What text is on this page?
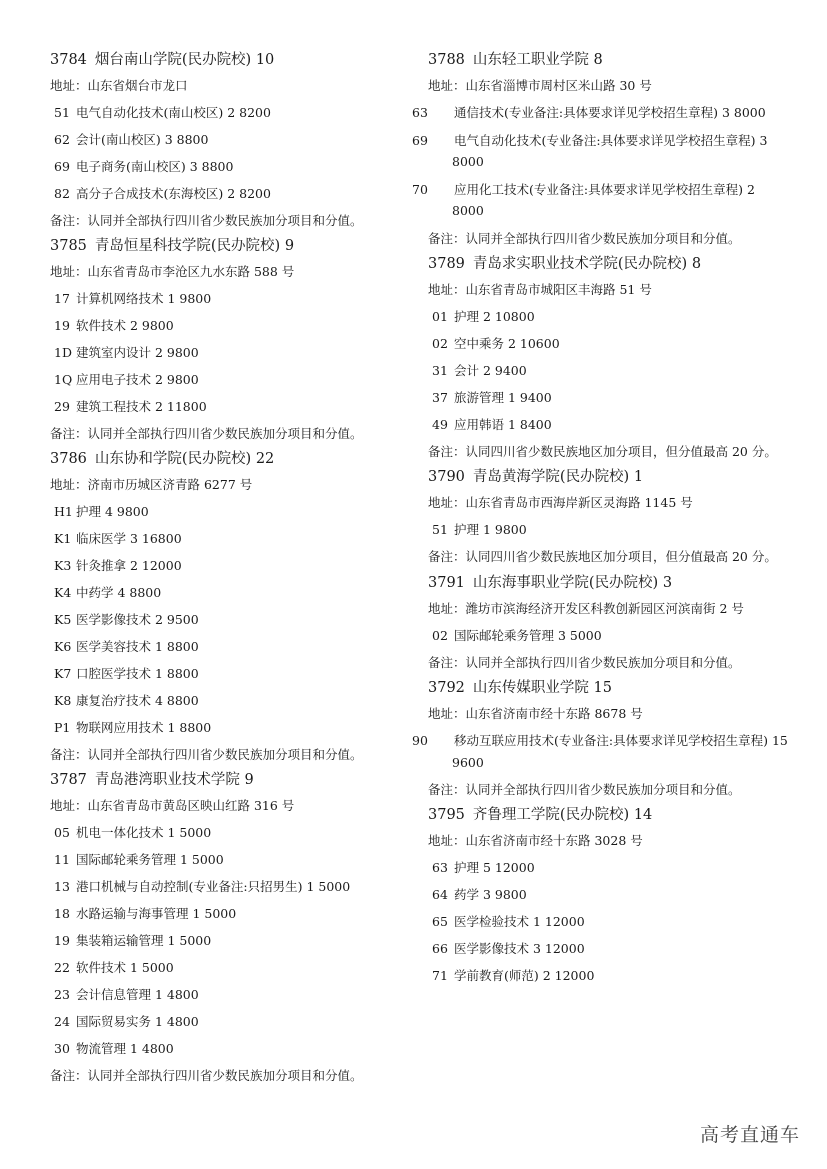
3784 烟台南山学院(民办院校) 10
地址：山东省烟台市龙口
51 电气自动化技术(南山校区) 2 8200
62 会计(南山校区) 3 8800
69 电子商务(南山校区) 3 8800
82 高分子合成技术(东海校区) 2 8200
备注：认同并全部执行四川省少数民族加分项目和分值。
3785 青岛恒星科技学院(民办院校) 9
地址：山东省青岛市李沧区九水东路 588 号
17 计算机网络技术 1 9800
19 软件技术 2 9800
1D 建筑室内设计 2 9800
1Q 应用电子技术 2 9800
29 建筑工程技术 2 11800
备注：认同并全部执行四川省少数民族加分项目和分值。
3786 山东协和学院(民办院校) 22
地址：济南市历城区济青路 6277 号
H1 护理 4 9800
K1 临床医学 3 16800
K3 针灸推拿 2 12000
K4 中药学 4 8800
K5 医学影像技术 2 9500
K6 医学美容技术 1 8800
K7 口腔医学技术 1 8800
K8 康复治疗技术 4 8800
P1 物联网应用技术 1 8800
备注：认同并全部执行四川省少数民族加分项目和分值。
3787 青岛港湾职业技术学院 9
地址：山东省青岛市黄岛区映山红路 316 号
05 机电一体化技术 1 5000
11 国际邮轮乘务管理 1 5000
13 港口机械与自动控制(专业备注:只招男生) 1 5000
18 水路运输与海事管理 1 5000
19 集装箱运输管理 1 5000
22 软件技术 1 5000
23 会计信息管理 1 4800
24 国际贸易实务 1 4800
30 物流管理 1 4800
备注：认同并全部执行四川省少数民族加分项目和分值。
3788 山东轻工职业学院 8
地址：山东省淄博市周村区米山路 30 号
63 通信技术(专业备注:具体要求详见学校招生章程) 3 8000
69 电气自动化技术(专业备注:具体要求详见学校招生章程) 3 8000
70 应用化工技术(专业备注:具体要求详见学校招生章程) 2 8000
备注：认同并全部执行四川省少数民族加分项目和分值。
3789 青岛求实职业技术学院(民办院校) 8
地址：山东省青岛市城阳区丰海路 51 号
01 护理 2 10800
02 空中乘务 2 10600
31 会计 2 9400
37 旅游管理 1 9400
49 应用韩语 1 8400
备注：认同四川省少数民族地区加分项目，但分值最高 20 分。
3790 青岛黄海学院(民办院校) 1
地址：山东省青岛市西海岸新区灵海路 1145 号
51 护理 1 9800
备注：认同四川省少数民族地区加分项目，但分值最高 20 分。
3791 山东海事职业学院(民办院校) 3
地址：潍坊市滨海经济开发区科教创新园区河滨南街 2 号
02 国际邮轮乘务管理 3 5000
备注：认同并全部执行四川省少数民族加分项目和分值。
3792 山东传媒职业学院 15
地址：山东省济南市经十东路 8678 号
90 移动互联应用技术(专业备注:具体要求详见学校招生章程) 15 9600
备注：认同并全部执行四川省少数民族加分项目和分值。
3795 齐鲁理工学院(民办院校) 14
地址：山东省济南市经十东路 3028 号
63 护理 5 12000
64 药学 3 9800
65 医学检验技术 1 12000
66 医学影像技术 3 12000
71 学前教育(师范) 2 12000
高考直通车
